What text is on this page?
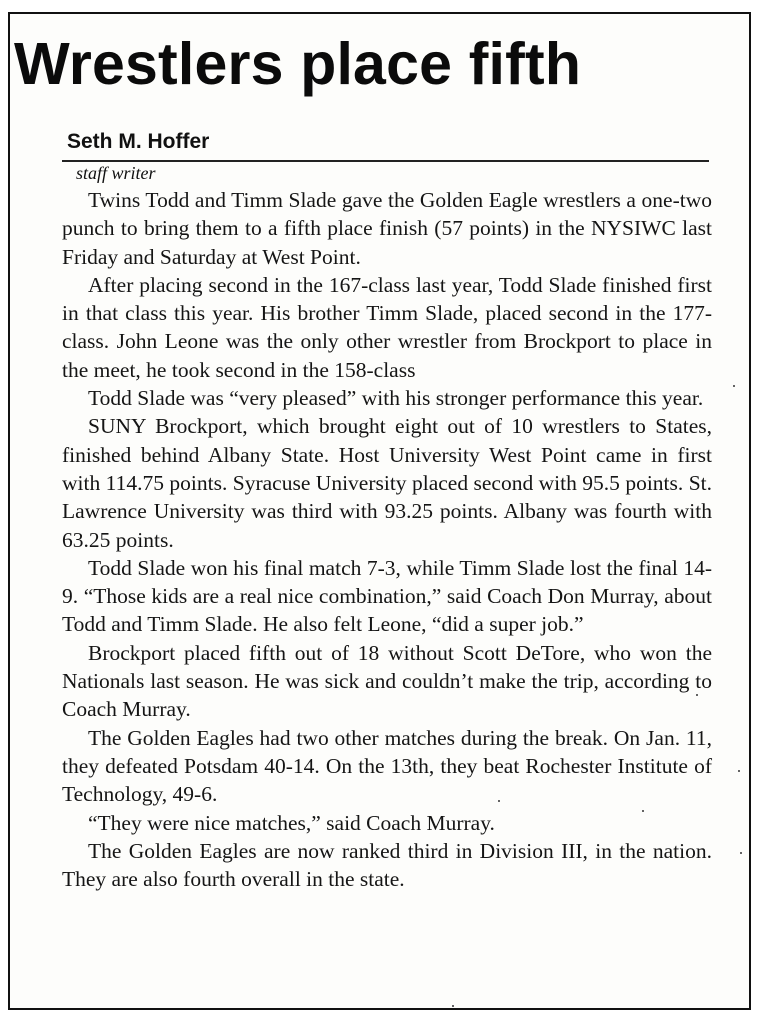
Wrestlers place fifth
Seth M. Hoffer
staff writer

Twins Todd and Timm Slade gave the Golden Eagle wrestlers a one-two punch to bring them to a fifth place finish (57 points) in the NYSIWC last Friday and Saturday at West Point.

After placing second in the 167-class last year, Todd Slade finished first in that class this year. His brother Timm Slade, placed second in the 177-class. John Leone was the only other wrestler from Brockport to place in the meet, he took second in the 158-class

Todd Slade was “very pleased” with his stronger performance this year.

SUNY Brockport, which brought eight out of 10 wrestlers to States, finished behind Albany State. Host University West Point came in first with 114.75 points. Syracuse University placed second with 95.5 points. St. Lawrence University was third with 93.25 points. Albany was fourth with 63.25 points.

Todd Slade won his final match 7-3, while Timm Slade lost the final 14-9. “Those kids are a real nice combination,” said Coach Don Murray, about Todd and Timm Slade. He also felt Leone, “did a super job.”

Brockport placed fifth out of 18 without Scott DeTore, who won the Nationals last season. He was sick and couldn’t make the trip, according to Coach Murray.

The Golden Eagles had two other matches during the break. On Jan. 11, they defeated Potsdam 40-14. On the 13th, they beat Rochester Institute of Technology, 49-6.

“They were nice matches,” said Coach Murray.

The Golden Eagles are now ranked third in Division III, in the nation. They are also fourth overall in the state.
